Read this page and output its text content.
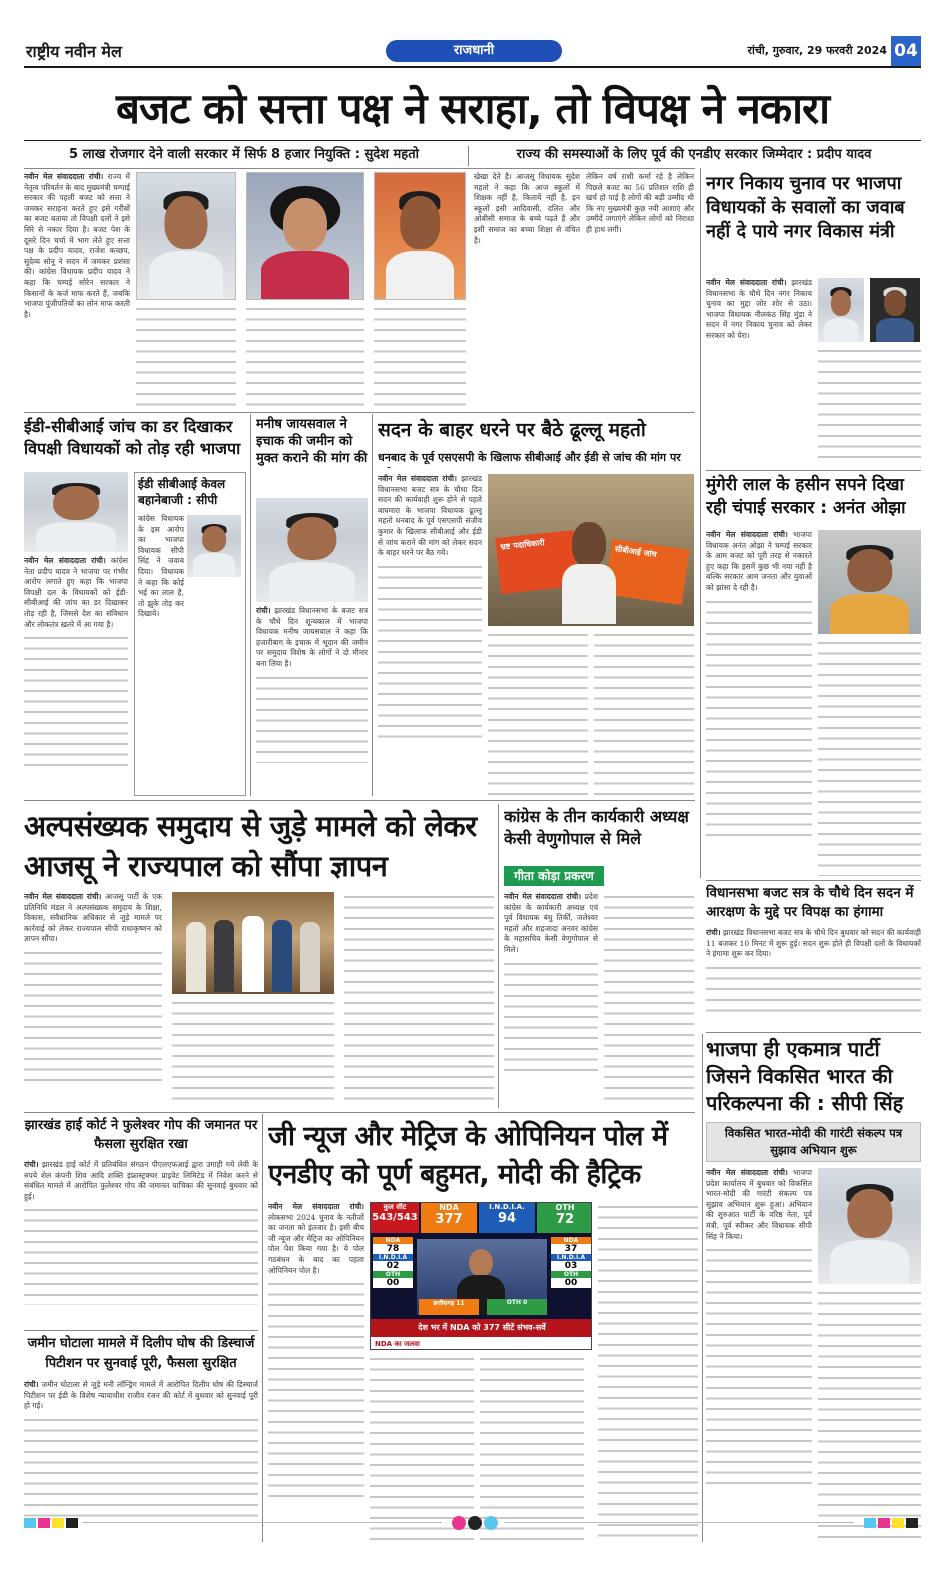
राष्ट्रीय नवीन मेल	राजधानी	रांची, गुरुवार, 29 फरवरी 2024 04
बजट को सत्ता पक्ष ने सराहा, तो विपक्ष ने नकारा
5 लाख रोजगार देने वाली सरकार में सिर्फ 8 हजार नियुक्ति : सुदेश महतो	राज्य की समस्याओं के लिए पूर्व की एनडीए सरकार जिम्मेदार : प्रदीप यादव

नवीन मेल संवाददाता रांची। राज्य में नेतृत्व परिवर्तन के बाद मुख्यमंत्री चम्पाई सरकार की पहली बजट को सत्ता ने जमकर सराहना करते हुए इसे गरीबों का बजट बताया तो विपक्षी दलों ने इसे सिरे से नकार दिया है। बजट पेश के दूसरे दिन चर्चा में भाग लेते हुए सत्ता पक्ष के प्रदीप यादव, राजेश कच्छप, सुदेव्य सोनू ने सदन में जमकर प्रशंसा की। कांग्रेस विधायक प्रदीप यादव ने कहा कि चम्पई सोरेन सरकार ने किसानों के कर्ज माफ करते हैं, जबकि भाजपा पूंजीपतियों का लोन माफ करती है।

खेखा देते है। आजसू विधायक सुदेश महतो ने कहा कि आज स्कूलों में शिक्षक नहीं है, कितायें नहीं है, इन स्कूलों इसी आदिवासी, दलित और ओबीसी समाज के बच्चे पढ़ते हैं और इसी समाज का बच्चा शिक्षा से वंचित है।

लेकिन वर्ष राशी कर्मा रहे है लेकिन पिछले बजट का 56 प्रतिशत राशि ही खर्च हो पाई है लोगों की बड़ी उम्मीद थी कि नए मुख्यमंत्री कुछ नयी आशाएं और उम्मीदें जगाएंगे लेकिन लोगों को निराशा ही हाथ लगी।

नगर निकाय चुनाव पर भाजपा विधायकों के सवालों का जवाब नहीं दे पाये नगर विकास मंत्री

नवीन मेल संवाददाता रांची। झारखंड विधानसभा के चौथे दिन नगर निकाय चुनाव का मुद्दा जोर शोर से उठा। भाजपा विधायक नीलकंठ सिंह मुंडा ने सदन में नगर निकाय चुनाव को लेकर सरकार को घेरा।

मुंगेरी लाल के हसीन सपने दिखा रही चंपाई सरकार : अनंत ओझा

नवीन मेल संवाददाता रांची। भाजपा विधायक अनंत ओझा ने चम्पई सरकार के आम बजट को पूरी तरह से नकारते हुए कहा कि इसमें कुछ भी नया नहीं है बल्कि सरकार आम जनता और युवाओं को झांसा दे रही है।

ईडी-सीबीआई जांच का डर दिखाकर विपक्षी विधायकों को तोड़ रही भाजपा

नवीन मेल संवाददाता रांची। कांग्रेस नेता प्रदीप यादव ने भाजपा पर गंभीर आरोप लगाते हुए कहा कि भाजपा विपक्षी दल के विधायकों को ईडी-सीबीआई की जांच का डर दिखाकर तोड़ रही है, जिससे देश का संविधान और लोकतंत्र खतरे में आ गया है।

ईडी सीबीआई केवल बहानेबाजी : सीपी
कांग्रेस विधायक के इस आरोप का भाजपा विधायक सीपी सिंह ने जवाब दिया। विधायक ने कहा कि कोई भई का लाल है, तो झुके तोड़ कर दिखाये।
मनीष जायसवाल ने इचाक की जमीन को मुक्त कराने की मांग की

रांची। झारखंड विधानसभा के बजट सत्र के चौथे दिन शून्यकाल में भाजपा विधायक मनीष जायसवाल ने कहा कि हजारीबाग के इचाक में भूदान की जमीन पर समुदाय विशेष के लोगों ने दो मीनार बना लिया है।

सदन के बाहर धरने पर बैठे ढूल्लू महतो
धनबाद के पूर्व एसएसपी के खिलाफ सीबीआई और ईडी से जांच की मांग पर

नवीन मेल संवाददाता रांची। झारखंड विधानसभा बजट सत्र के चौथा दिन सदन की कार्यवाही शुरू होने से पहले बाघमारा के भाजपा विधायक ढूल्लू महतो धनबाद के पूर्व एसएसपी संजीव कुमार के खिलाफ सीबीआई और ईडी से जांच कराने की मांग को लेकर सदन के बाहर धरने पर बैठ गये।

भ्रष्ट पदाधिकारी	सीबीआई जांच
अल्पसंख्यक समुदाय से जुड़े मामले को लेकर आजसू ने राज्यपाल को सौंपा ज्ञापन

नवीन मेल संवाददाता रांची। आजसू पार्टी के एक प्रतिनिधि मंडल ने अल्पसंख्यक समुदाय के शिक्षा, विकास, संवैधानिक अधिकार से जुड़े मामले पर कार्रवाई को लेकर राज्यपाल सीपी राधाकृष्णन को ज्ञापन सौंपा।

कांग्रेस के तीन कार्यकारी अध्यक्ष केसी वेणुगोपाल से मिले
गीता कोड़ा प्रकरण

नवीन मेल संवाददाता रांची। प्रदेश कांग्रेस के कार्यकारी अध्यक्ष एवं पूर्व विधायक बंधु तिर्की, जलेश्वर महतो और शहजादा अनवर कांग्रेस के महासचिव केसी वेणुगोपाल से मिले।

विधानसभा बजट सत्र के चौथे दिन सदन में आरक्षण के मुद्दे पर विपक्ष का हंगामा

रांची। झारखंड विधानसभा बजट सत्र के चौथे दिन बुधवार को सदन की कार्यवाही 11 बजकर 10 मिनट में शुरू हुई। सदन शुरू होते ही विपक्षी दलों के विधायकों ने हंगामा शुरू कर दिया।

भाजपा ही एकमात्र पार्टी जिसने विकसित भारत की परिकल्पना की : सीपी सिंह
विकसित भारत-मोदी की गारंटी संकल्प पत्र सुझाव अभियान शुरू

नवीन मेल संवाददाता रांची। भाजपा प्रदेश कार्यालय में बुधवार को विकसित भारत-मोदी की गारंटी संकल्प पत्र सुझाव अभियान शुरू हुआ। अभियान की शुरुआत पार्टी के वरिष्ठ नेता, पूर्व मंत्री, पूर्व स्पीकर और विधायक सीपी सिंह ने किया।

झारखंड हाई कोर्ट ने फुलेश्वर गोप की जमानत पर फैसला सुरक्षित रखा

रांची। झारखंड हाई कोर्ट में प्रतिबंधित संगठन पीएलएफआई द्वारा उगाही गये लेवी के रुपये शेल कंपनी शिव आदि शक्ति इंफ्रास्ट्रक्चर प्राइवेट लिमिटेड में निवेश करने से संबंधित मामले में आरोपित फुलेश्वर गोप की जमानत याचिका की सुनवाई बुधवार को हुई।

जमीन घोटाला मामले में दिलीप घोष की डिस्चार्ज पिटीशन पर सुनवाई पूरी, फैसला सुरक्षित

रांची। जमीन घोटाला से जुड़े मनी लॉन्ड्रिंग मामले में आरोपित दिलीप घोष की डिस्चार्ज पिटीशन पर ईडी के विशेष न्यायाधीश राजीव रंजन की कोर्ट में बुधवार को सुनवाई पूरी हो गई।

जी न्यूज और मेट्रिज के ओपिनियन पोल में एनडीए को पूर्ण बहुमत, मोदी की हैट्रिक

नवीन मेल संवाददाता रांची। लोकसभा 2024 चुनाव के नतीजों का जनता को इंतजार है। इसी बीच जी न्यूज और मेट्रिज का ओपिनियन पोल पेश किया गया है। ये पोल गठबंधन के बाद का पहला ओपिनियन पोल है।

कुल सीट
543/543
NDA
377
I.N.D.I.A.
94
OTH
72
NDA
78
I.N.D.I.A
02
OTH
00
NDA
37
I.N.D.I.A
03
OTH
00
छत्तीसगढ़ 11	OTH 0
देश भर में NDA को 377 सीटें संभव-सर्वे
NDA का जलवा
